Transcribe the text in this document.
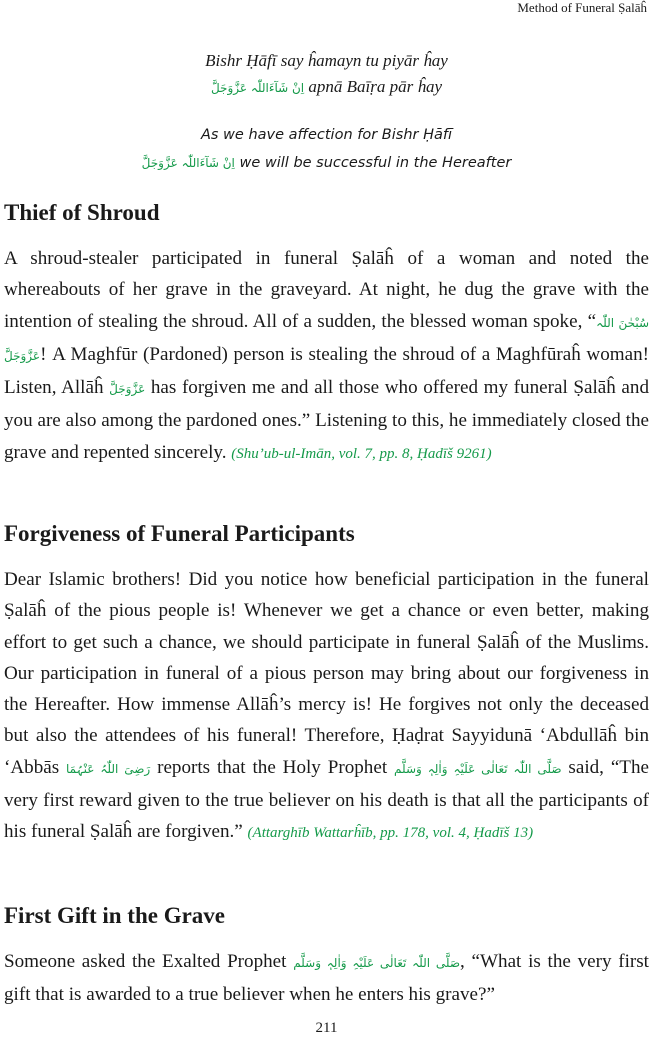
Method of Funeral Ṣalāĥ
Bishr Ḥāfī say ĥamayn tu piyār ĥay
اِنْ شَآءَاللّٰہ عَزَّوَجَلَّ apnā Baīṛa pār ĥay
As we have affection for Bishr Ḥāfī
اِنْ شَآءَاللّٰہ عَزَّوَجَلَّ we will be successful in the Hereafter
Thief of Shroud

A shroud-stealer participated in funeral Ṣalāĥ of a woman and noted the whereabouts of her grave in the graveyard. At night, he dug the grave with the intention of stealing the shroud. All of a sudden, the blessed woman spoke, “سُبْحٰنَ اللّٰہ عَزَّوَجَلَّ! A Maghfūr (Pardoned) person is stealing the shroud of a Maghfūraĥ woman! Listen, Allāĥ عَزَّوَجَلَّ has forgiven me and all those who offered my funeral Ṣalāĥ and you are also among the pardoned ones.” Listening to this, he immediately closed the grave and repented sincerely. (Shu’ub-ul-Imān, vol. 7, pp. 8, Ḥadīš 9261)

Forgiveness of Funeral Participants

Dear Islamic brothers! Did you notice how beneficial participation in the funeral Ṣalāĥ of the pious people is! Whenever we get a chance or even better, making effort to get such a chance, we should participate in funeral Ṣalāĥ of the Muslims. Our participation in funeral of a pious person may bring about our forgiveness in the Hereafter. How immense Allāĥ’s mercy is! He forgives not only the deceased but also the attendees of his funeral! Therefore, Ḥaḍrat Sayyidunā ‘Abdullāĥ bin ‘Abbās رَضِیَ اللّٰہُ عَنْہُمَا reports that the Holy Prophet صَلَّی اللّٰہ تَعَالٰی عَلَیْہِ وَاٰلِہٖ وَسَلَّم said, “The very first reward given to the true believer on his death is that all the participants of his funeral Ṣalāĥ are forgiven.” (Attarghīb Wattarĥīb, pp. 178, vol. 4, Ḥadīš 13)

First Gift in the Grave

Someone asked the Exalted Prophet صَلَّی اللّٰہ تَعَالٰی عَلَیْہِ وَاٰلِہٖ وَسَلَّم, “What is the very first gift that is awarded to a true believer when he enters his grave?”

211
